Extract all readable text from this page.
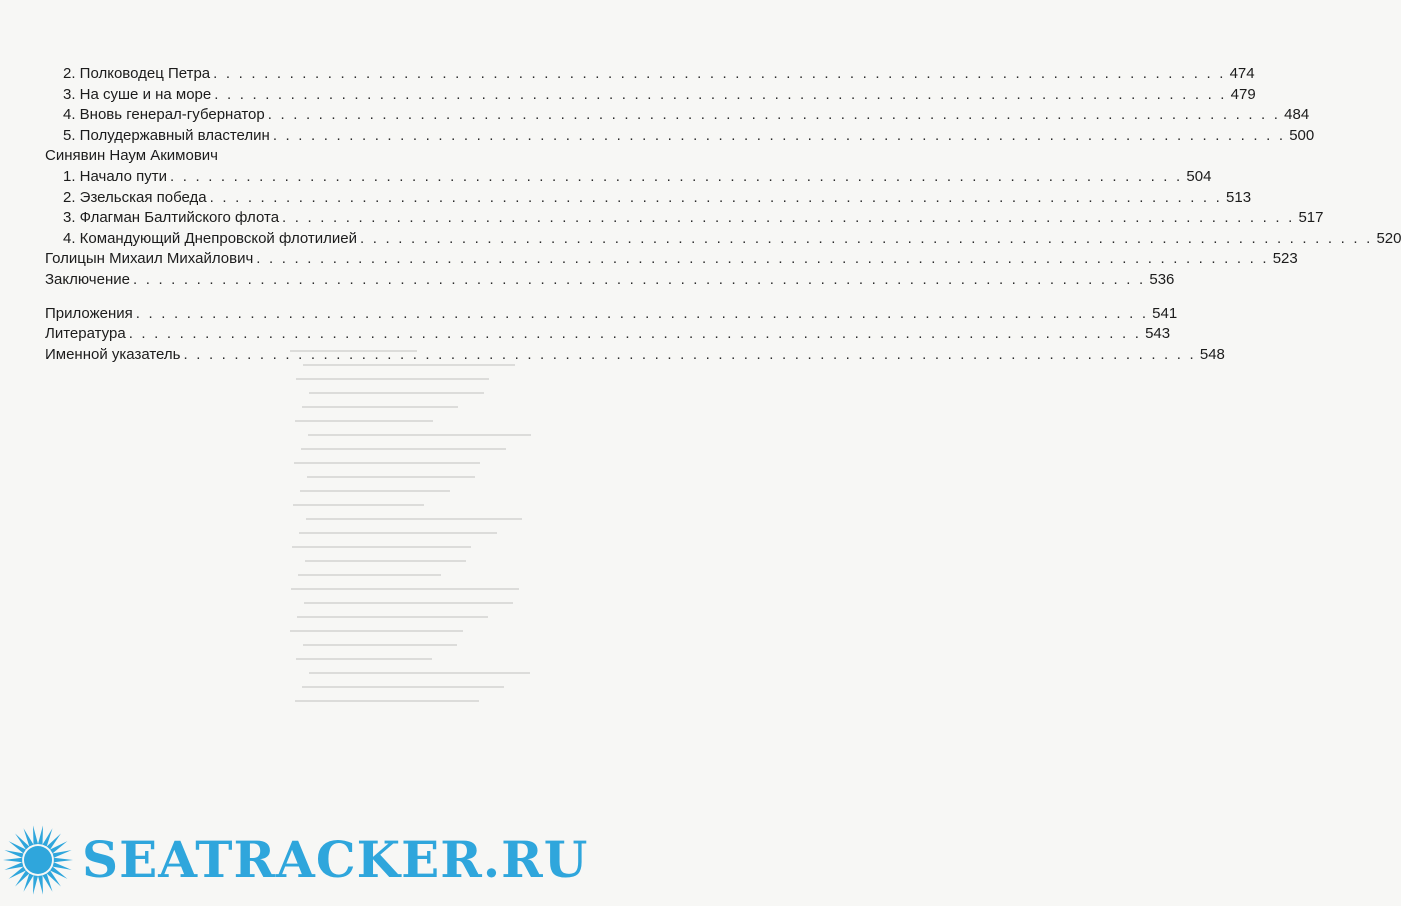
2. Полководец Петра . . . . . . . . . . . . . . . . . . . . . . . . . . . . . . . . . . . . . . . . . . . . . . . . . . . . . . . . . . . . . . . . . . . . . . . . . . . . . . . . 474
3. На суше и на море . . . . . . . . . . . . . . . . . . . . . . . . . . . . . . . . . . . . . . . . . . . . . . . . . . . . . . . . . . . . . . . . . . . . . . . . . . . . . . . . 479
4. Вновь генерал-губернатор . . . . . . . . . . . . . . . . . . . . . . . . . . . . . . . . . . . . . . . . . . . . . . . . . . . . . . . . . . . . . . . . . . . . . . . . . . . . . . . . 484
5. Полудержавный властелин . . . . . . . . . . . . . . . . . . . . . . . . . . . . . . . . . . . . . . . . . . . . . . . . . . . . . . . . . . . . . . . . . . . . . . . . . . . . . . . . 500
Синявин Наум Акимович
1. Начало пути . . . . . . . . . . . . . . . . . . . . . . . . . . . . . . . . . . . . . . . . . . . . . . . . . . . . . . . . . . . . . . . . . . . . . . . . . . . . . . . . 504
2. Эзельская победа . . . . . . . . . . . . . . . . . . . . . . . . . . . . . . . . . . . . . . . . . . . . . . . . . . . . . . . . . . . . . . . . . . . . . . . . . . . . . . . . 513
3. Флагман Балтийского флота . . . . . . . . . . . . . . . . . . . . . . . . . . . . . . . . . . . . . . . . . . . . . . . . . . . . . . . . . . . . . . . . . . . . . . . . . . . . . . . . 517
4. Командующий Днепровской флотилией . . . . . . . . . . . . . . . . . . . . . . . . . . . . . . . . . . . . . . . . . . . . . . . . . . . . . . . . . . . . . . . . . . . . . . . . . . . . . . . . 520
Голицын Михаил Михайлович . . . . . . . . . . . . . . . . . . . . . . . . . . . . . . . . . . . . . . . . . . . . . . . . . . . . . . . . . . . . . . . . . . . . . . . . . . . . . . . . 523
Заключение . . . . . . . . . . . . . . . . . . . . . . . . . . . . . . . . . . . . . . . . . . . . . . . . . . . . . . . . . . . . . . . . . . . . . . . . . . . . . . . . 536
Приложения . . . . . . . . . . . . . . . . . . . . . . . . . . . . . . . . . . . . . . . . . . . . . . . . . . . . . . . . . . . . . . . . . . . . . . . . . . . . . . . . 541
Литература . . . . . . . . . . . . . . . . . . . . . . . . . . . . . . . . . . . . . . . . . . . . . . . . . . . . . . . . . . . . . . . . . . . . . . . . . . . . . . . . 543
Именной указатель . . . . . . . . . . . . . . . . . . . . . . . . . . . . . . . . . . . . . . . . . . . . . . . . . . . . . . . . . . . . . . . . . . . . . . . . . . . . . . . . 548
SEATRACKER.RU
